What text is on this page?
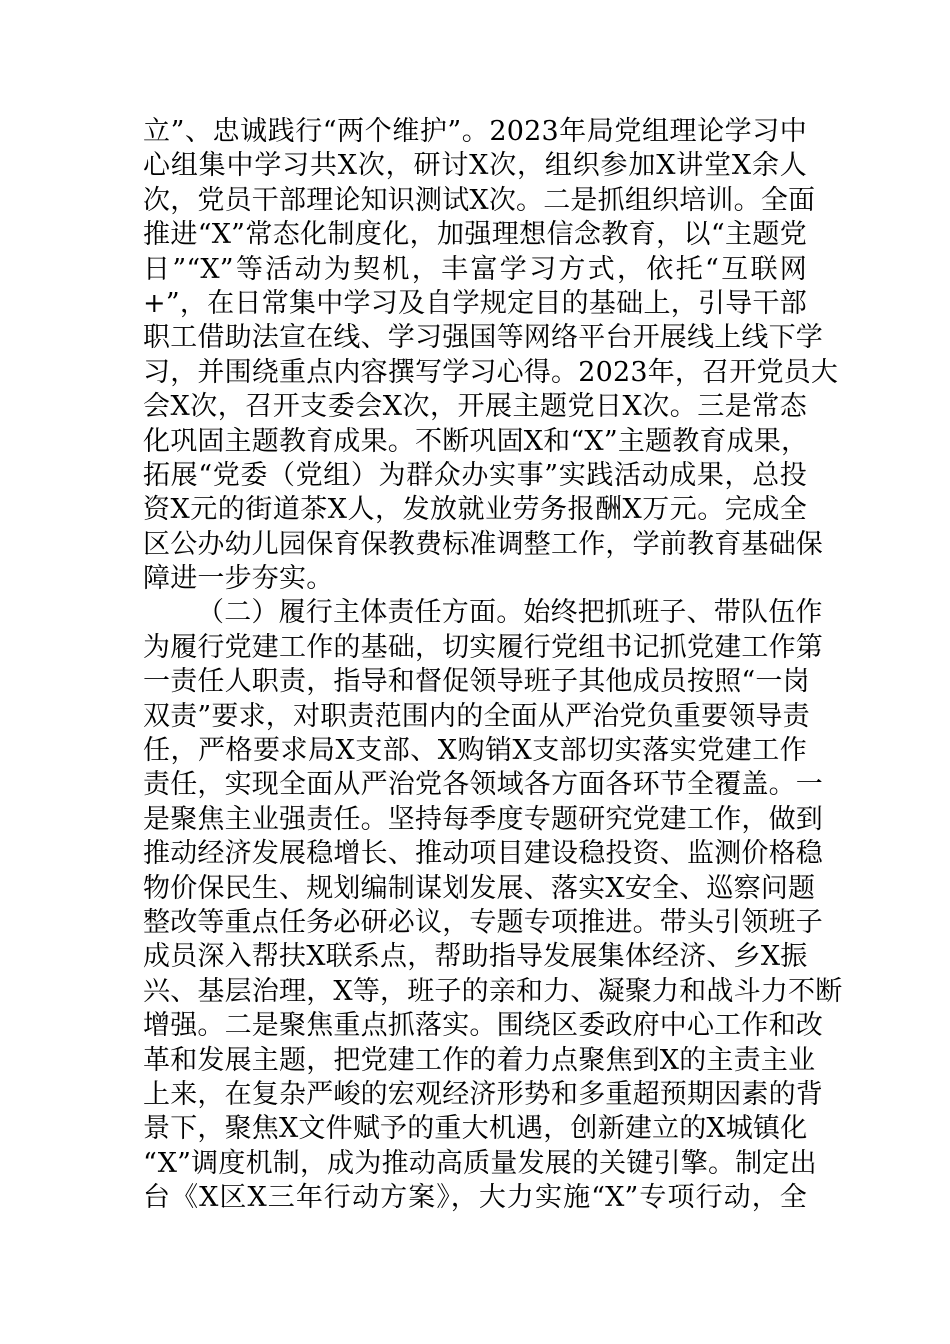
立”、忠诚践行“两个维护”。2023年局党组理论学习中
心组集中学习共X次，研讨X次，组织参加X讲堂X余人
次，党员干部理论知识测试X次。二是抓组织培训。全面
推进“X”常态化制度化，加强理想信念教育，以“主题党
日”“X”等活动为契机，丰富学习方式，依托“互联网
+”，在日常集中学习及自学规定目的基础上，引导干部
职工借助法宣在线、学习强国等网络平台开展线上线下学
习，并围绕重点内容撰写学习心得。2023年，召开党员大
会X次，召开支委会X次，开展主题党日X次。三是常态
化巩固主题教育成果。不断巩固X和“X”主题教育成果，
拓展“党委（党组）为群众办实事”实践活动成果，总投
资X元的街道茶X人，发放就业劳务报酬X万元。完成全
区公办幼儿园保育保教费标准调整工作，学前教育基础保
障进一步夯实。
（二）履行主体责任方面。始终把抓班子、带队伍作
为履行党建工作的基础，切实履行党组书记抓党建工作第
一责任人职责，指导和督促领导班子其他成员按照“一岗
双责”要求，对职责范围内的全面从严治党负重要领导责
任，严格要求局X支部、X购销X支部切实落实党建工作
责任，实现全面从严治党各领域各方面各环节全覆盖。一
是聚焦主业强责任。坚持每季度专题研究党建工作，做到
推动经济发展稳增长、推动项目建设稳投资、监测价格稳
物价保民生、规划编制谋划发展、落实X安全、巡察问题
整改等重点任务必研必议，专题专项推进。带头引领班子
成员深入帮扶X联系点，帮助指导发展集体经济、乡X振
兴、基层治理，X等，班子的亲和力、凝聚力和战斗力不断
增强。二是聚焦重点抓落实。围绕区委政府中心工作和改
革和发展主题，把党建工作的着力点聚焦到X的主责主业
上来，在复杂严峻的宏观经济形势和多重超预期因素的背
景下，聚焦X文件赋予的重大机遇，创新建立的X城镇化
“X”调度机制，成为推动高质量发展的关键引擎。制定出
台《X区X三年行动方案》，大力实施“X”专项行动，全
